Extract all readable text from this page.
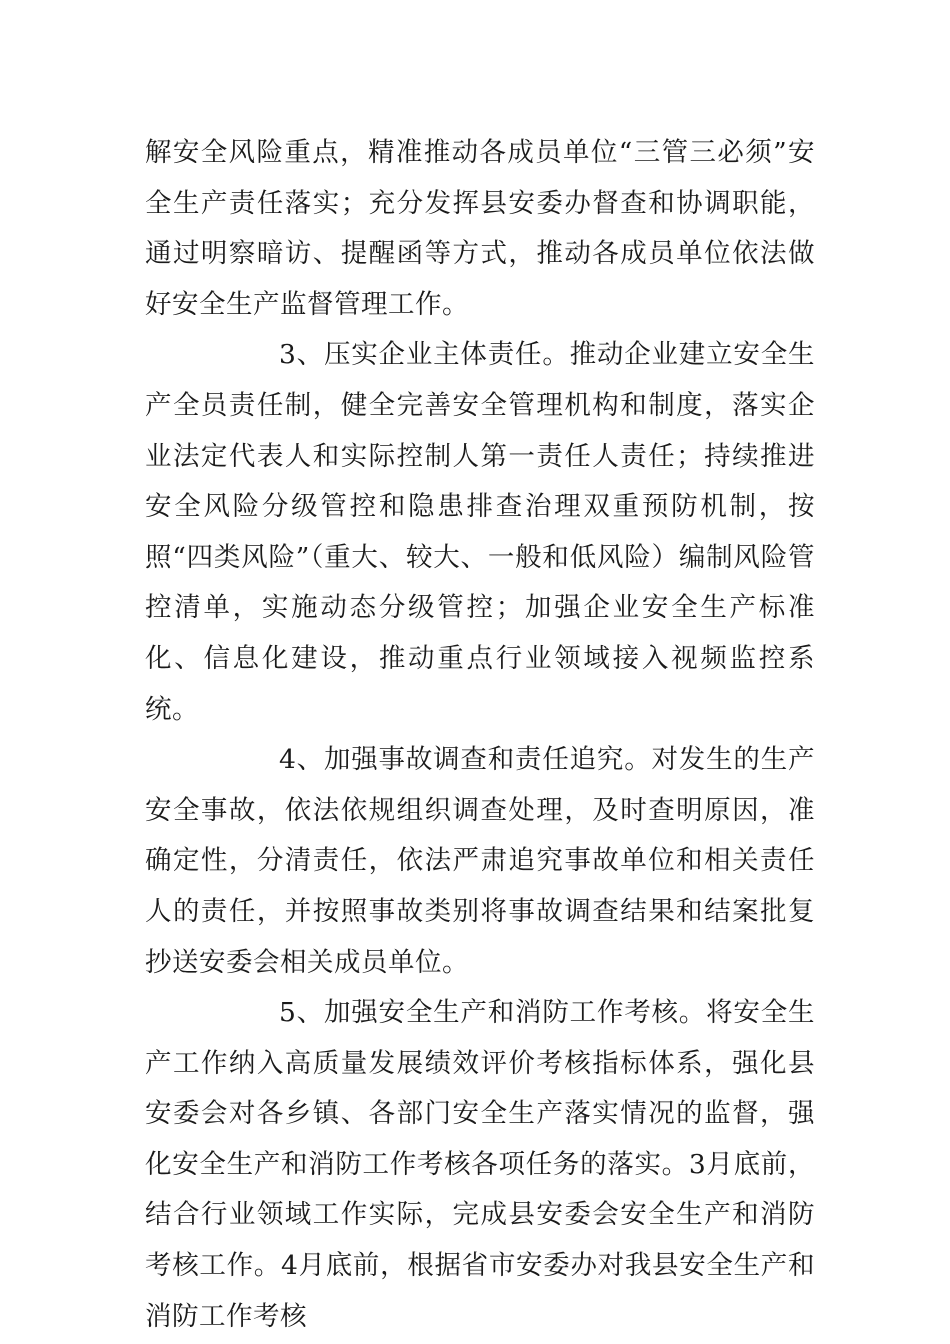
解安全风险重点，精准推动各成员单位“三管三必须”安全生产责任落实；充分发挥县安委办督查和协调职能，通过明察暗访、提醒函等方式，推动各成员单位依法做好安全生产监督管理工作。

3、压实企业主体责任。推动企业建立安全生产全员责任制，健全完善安全管理机构和制度，落实企业法定代表人和实际控制人第一责任人责任；持续推进安全风险分级管控和隐患排查治理双重预防机制，按照“四类风险”（重大、较大、一般和低风险）编制风险管控清单，实施动态分级管控；加强企业安全生产标准化、信息化建设，推动重点行业领域接入视频监控系统。

4、加强事故调查和责任追究。对发生的生产安全事故，依法依规组织调查处理，及时查明原因，准确定性，分清责任，依法严肃追究事故单位和相关责任人的责任，并按照事故类别将事故调查结果和结案批复抄送安委会相关成员单位。

5、加强安全生产和消防工作考核。将安全生产工作纳入高质量发展绩效评价考核指标体系，强化县安委会对各乡镇、各部门安全生产落实情况的监督，强化安全生产和消防工作考核各项任务的落实。3月底前，结合行业领域工作实际，完成县安委会安全生产和消防考核工作。4月底前，根据省市安委办对我县安全生产和消防工作考核
